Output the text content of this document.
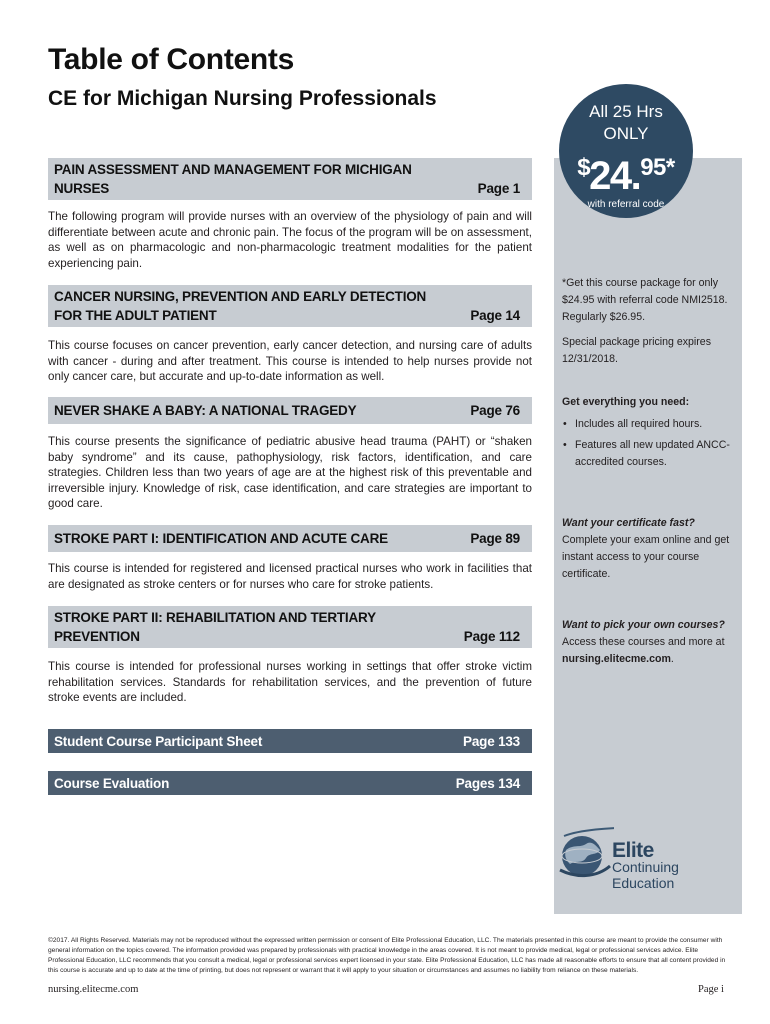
Table of Contents
CE for Michigan Nursing Professionals
*Get this course package for only $24.95 with referral code NMI2518. Regularly $26.95.
Special package pricing expires 12/31/2018.
Get everything you need:
• Includes all required hours.
• Features all new updated ANCC-accredited courses.
Want your certificate fast?
Complete your exam online and get instant access to your course certificate.
Want to pick your own courses?
Access these courses and more at nursing.elitecme.com.
All 25 Hrs
ONLY
$24.$^{95*}$
with referral code
PAIN ASSESSMENT AND MANAGEMENT FOR MICHIGAN
NURSES	Page 1
The following program will provide nurses with an overview of the physiology of pain and will differentiate between acute and chronic pain. The focus of the program will be on assessment, as well as on pharmacologic and non-pharmacologic treatment modalities for the patient experiencing pain.
CANCER NURSING, PREVENTION AND EARLY DETECTION
FOR THE ADULT PATIENT	Page 14
This course focuses on cancer prevention, early cancer detection, and nursing care of adults with cancer - during and after treatment. This course is intended to help nurses provide not only cancer care, but accurate and up-to-date information as well.
NEVER SHAKE A BABY: A NATIONAL TRAGEDY	Page 76
This course presents the significance of pediatric abusive head trauma (PAHT) or “shaken baby syndrome” and its cause, pathophysiology, risk factors, identification, and care strategies. Children less than two years of age are at the highest risk of this preventable and irreversible injury. Knowledge of risk, case identification, and care strategies are important to good care.
STROKE PART I: IDENTIFICATION AND ACUTE CARE	Page 89
This course is intended for registered and licensed practical nurses who work in facilities that are designated as stroke centers or for nurses who care for stroke patients.
STROKE PART II: REHABILITATION AND TERTIARY
PREVENTION	Page 112
This course is intended for professional nurses working in settings that offer stroke victim rehabilitation services. Standards for rehabilitation services, and the prevention of future stroke events are included.
Student Course Participant Sheet	Page 133
Course Evaluation	Pages 134
Elite
Continuing Education
©2017. All Rights Reserved. Materials may not be reproduced without the expressed written permission or consent of Elite Professional Education, LLC. The materials presented in this course are meant to provide the consumer with general information on the topics covered. The information provided was prepared by professionals with practical knowledge in the areas covered. It is not meant to provide medical, legal or professional services advice. Elite Professional Education, LLC recommends that you consult a medical, legal or professional services expert licensed in your state. Elite Professional Education, LLC has made all reasonable efforts to ensure that all content provided in this course is accurate and up to date at the time of printing, but does not represent or warrant that it will apply to your situation or circumstances and assumes no liability from reliance on these materials.
nursing.elitecme.com	Page i
